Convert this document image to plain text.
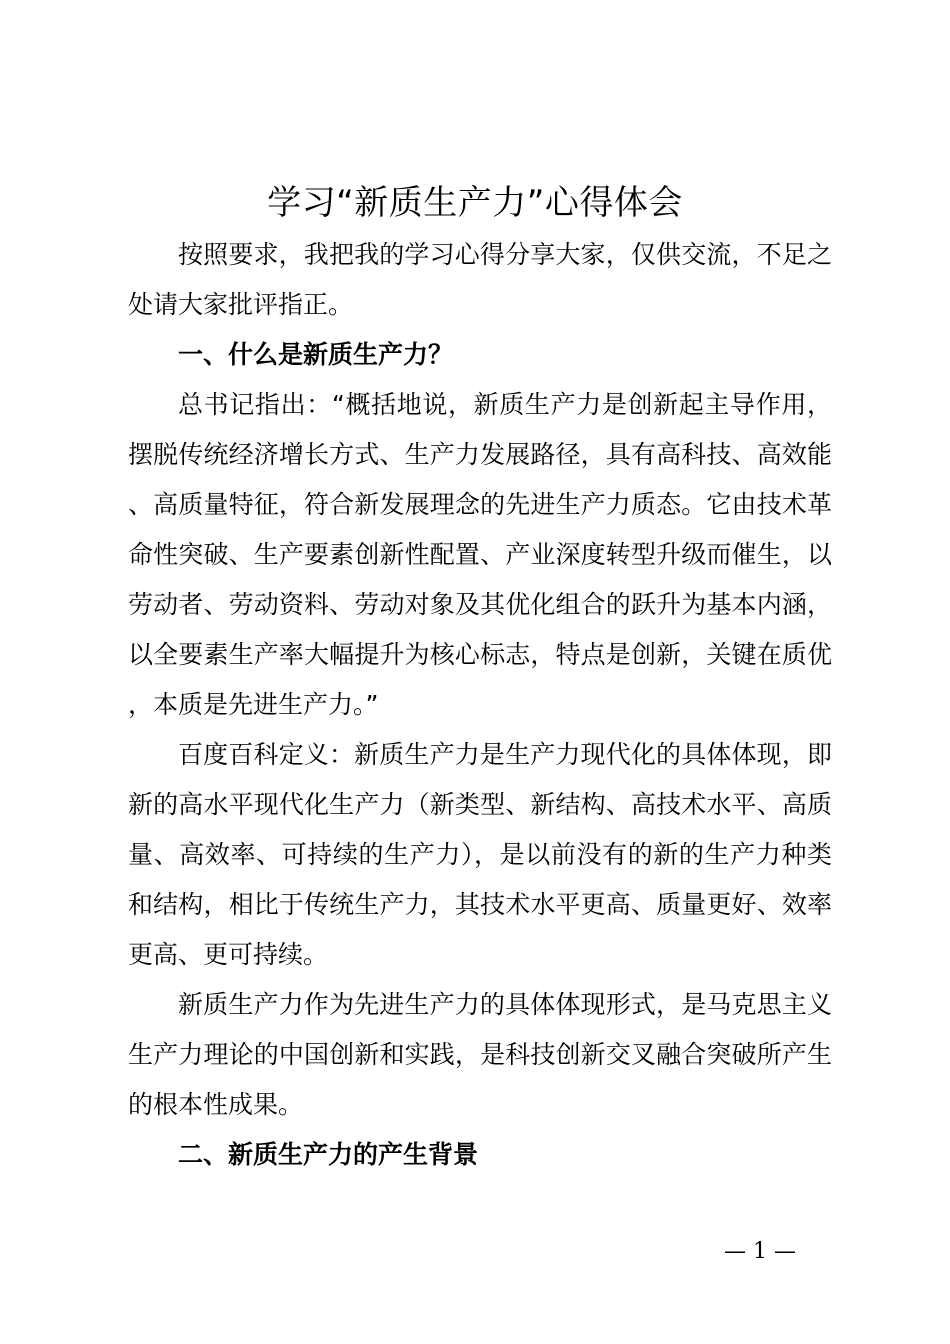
学习“新质生产力”心得体会

按照要求，我把我的学习心得分享大家，仅供交流，不足之处请大家批评指正。

一、什么是新质生产力？

总书记指出：“概括地说，新质生产力是创新起主导作用，摆脱传统经济增长方式、生产力发展路径，具有高科技、高效能、高质量特征，符合新发展理念的先进生产力质态。它由技术革命性突破、生产要素创新性配置、产业深度转型升级而催生，以劳动者、劳动资料、劳动对象及其优化组合的跃升为基本内涵，以全要素生产率大幅提升为核心标志，特点是创新，关键在质优，本质是先进生产力。”

百度百科定义：新质生产力是生产力现代化的具体体现，即新的高水平现代化生产力（新类型、新结构、高技术水平、高质量、高效率、可持续的生产力），是以前没有的新的生产力种类和结构，相比于传统生产力，其技术水平更高、质量更好、效率更高、更可持续。

新质生产力作为先进生产力的具体体现形式，是马克思主义生产力理论的中国创新和实践，是科技创新交叉融合突破所产生的根本性成果。

二、新质生产力的产生背景

— 1 —
